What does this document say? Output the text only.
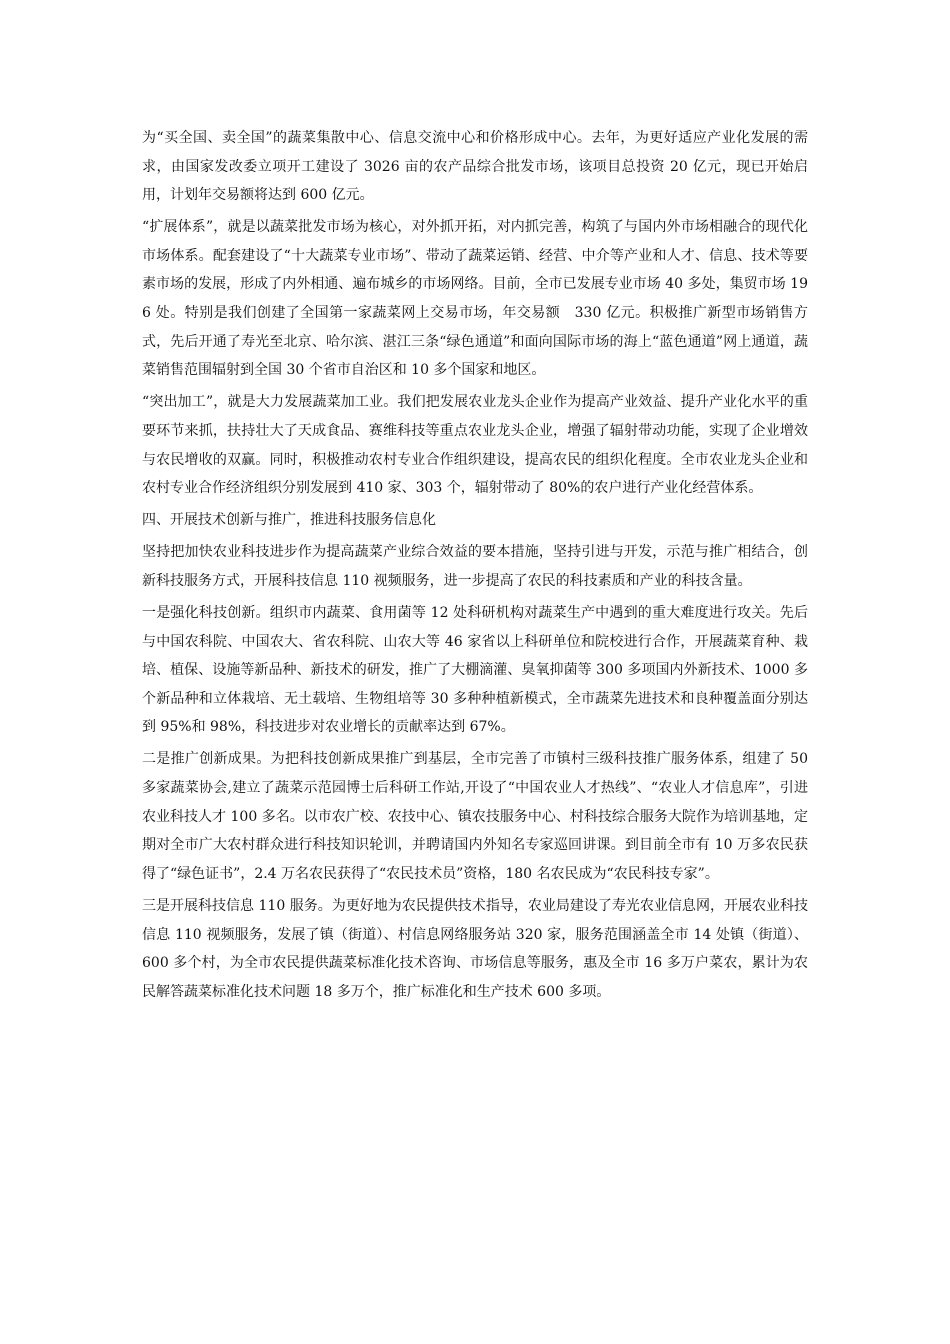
为“买全国、卖全国”的蔬菜集散中心、信息交流中心和价格形成中心。去年，为更好适应产业化发展的需求，由国家发改委立项开工建设了 3026 亩的农产品综合批发市场，该项目总投资 20 亿元，现已开始启用，计划年交易额将达到 600 亿元。

“扩展体系”，就是以蔬菜批发市场为核心，对外抓开拓，对内抓完善，构筑了与国内外市场相融合的现代化市场体系。配套建设了“十大蔬菜专业市场”、带动了蔬菜运销、经营、中介等产业和人才、信息、技术等要素市场的发展，形成了内外相通、遍布城乡的市场网络。目前，全市已发展专业市场 40 多处，集贸市场 196 处。特别是我们创建了全国第一家蔬菜网上交易市场，年交易额　330 亿元。积极推广新型市场销售方式，先后开通了寿光至北京、哈尔滨、湛江三条“绿色通道”和面向国际市场的海上“蓝色通道”网上通道，蔬菜销售范围辐射到全国 30 个省市自治区和 10 多个国家和地区。

“突出加工”，就是大力发展蔬菜加工业。我们把发展农业龙头企业作为提高产业效益、提升产业化水平的重要环节来抓，扶持壮大了天成食品、赛维科技等重点农业龙头企业，增强了辐射带动功能，实现了企业增效与农民增收的双赢。同时，积极推动农村专业合作组织建设，提高农民的组织化程度。全市农业龙头企业和农村专业合作经济组织分别发展到 410 家、303 个，辐射带动了 80%的农户进行产业化经营体系。

四、开展技术创新与推广，推进科技服务信息化

坚持把加快农业科技进步作为提高蔬菜产业综合效益的要本措施，坚持引进与开发，示范与推广相结合，创新科技服务方式，开展科技信息 110 视频服务，进一步提高了农民的科技素质和产业的科技含量。

一是强化科技创新。组织市内蔬菜、食用菌等 12 处科研机构对蔬菜生产中遇到的重大难度进行攻关。先后与中国农科院、中国农大、省农科院、山农大等 46 家省以上科研单位和院校进行合作，开展蔬菜育种、栽培、植保、设施等新品种、新技术的研发，推广了大棚滴灌、臭氧抑菌等 300 多项国内外新技术、1000 多个新品种和立体栽培、无土载培、生物组培等 30 多种种植新模式，全市蔬菜先进技术和良种覆盖面分别达到 95%和 98%，科技进步对农业增长的贡献率达到 67%。

二是推广创新成果。为把科技创新成果推广到基层，全市完善了市镇村三级科技推广服务体系，组建了 50 多家蔬菜协会,建立了蔬菜示范园博士后科研工作站,开设了“中国农业人才热线”、“农业人才信息库”，引进农业科技人才 100 多名。以市农广校、农技中心、镇农技服务中心、村科技综合服务大院作为培训基地，定期对全市广大农村群众进行科技知识轮训，并聘请国内外知名专家巡回讲课。到目前全市有 10 万多农民获得了“绿色证书”，2.4 万名农民获得了“农民技术员”资格，180 名农民成为“农民科技专家”。

三是开展科技信息 110 服务。为更好地为农民提供技术指导，农业局建设了寿光农业信息网，开展农业科技信息 110 视频服务，发展了镇（街道）、村信息网络服务站 320 家，服务范围涵盖全市 14 处镇（街道）、600 多个村，为全市农民提供蔬菜标准化技术咨询、市场信息等服务，惠及全市 16 多万户菜农，累计为农民解答蔬菜标准化技术问题 18 多万个，推广标准化和生产技术 600 多项。
